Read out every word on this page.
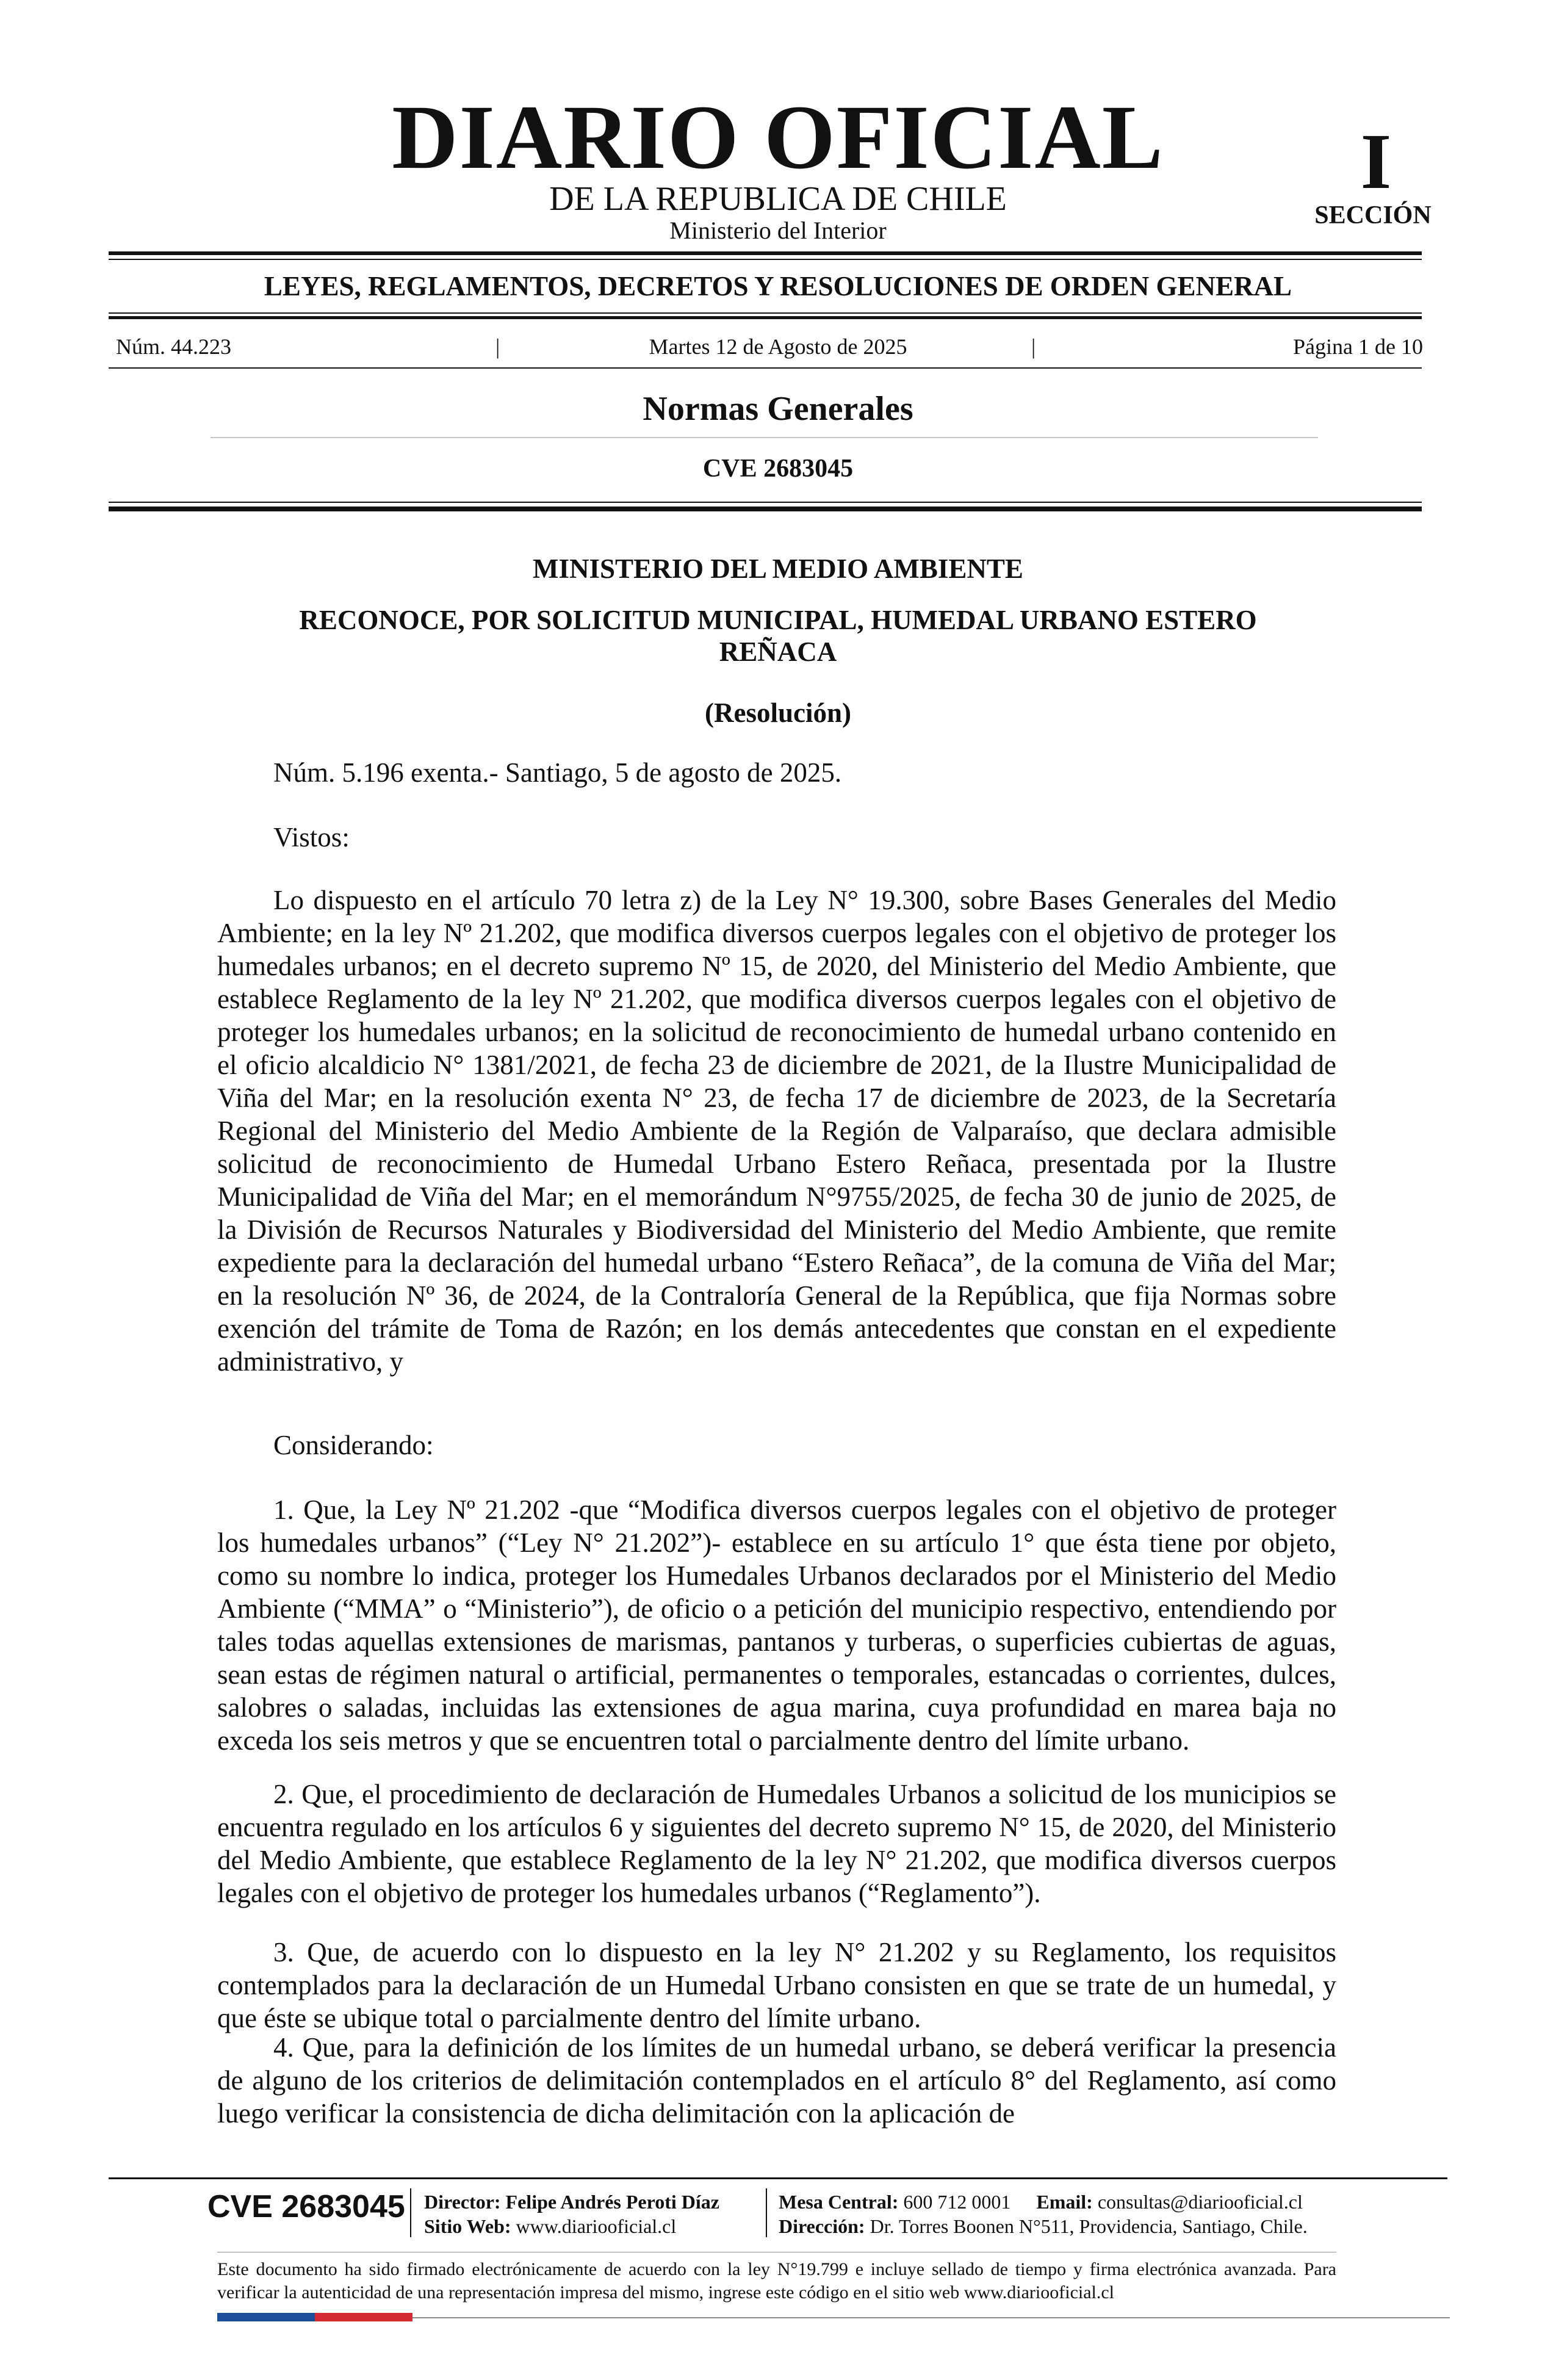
DIARIO OFICIAL
DE LA REPUBLICA DE CHILE
Ministerio del Interior
I
SECCIÓN
LEYES, REGLAMENTOS, DECRETOS Y RESOLUCIONES DE ORDEN GENERAL
Núm. 44.223	|	Martes 12 de Agosto de 2025	|	Página 1 de 10
Normas Generales
CVE 2683045
MINISTERIO DEL MEDIO AMBIENTE
RECONOCE, POR SOLICITUD MUNICIPAL, HUMEDAL URBANO ESTERO REÑACA
(Resolución)
Núm. 5.196 exenta.- Santiago, 5 de agosto de 2025.
Vistos:

Lo dispuesto en el artículo 70 letra z) de la Ley N° 19.300, sobre Bases Generales del Medio Ambiente; en la ley Nº 21.202, que modifica diversos cuerpos legales con el objetivo de proteger los humedales urbanos; en el decreto supremo Nº 15, de 2020, del Ministerio del Medio Ambiente, que establece Reglamento de la ley Nº 21.202, que modifica diversos cuerpos legales con el objetivo de proteger los humedales urbanos; en la solicitud de reconocimiento de humedal urbano contenido en el oficio alcaldicio N° 1381/2021, de fecha 23 de diciembre de 2021, de la Ilustre Municipalidad de Viña del Mar; en la resolución exenta N° 23, de fecha 17 de diciembre de 2023, de la Secretaría Regional del Ministerio del Medio Ambiente de la Región de Valparaíso, que declara admisible solicitud de reconocimiento de Humedal Urbano Estero Reñaca, presentada por la Ilustre Municipalidad de Viña del Mar; en el memorándum N°9755/2025, de fecha 30 de junio de 2025, de la División de Recursos Naturales y Biodiversidad del Ministerio del Medio Ambiente, que remite expediente para la declaración del humedal urbano “Estero Reñaca”, de la comuna de Viña del Mar; en la resolución Nº 36, de 2024, de la Contraloría General de la República, que fija Normas sobre exención del trámite de Toma de Razón; en los demás antecedentes que constan en el expediente administrativo, y

Considerando:

1. Que, la Ley Nº 21.202 -que “Modifica diversos cuerpos legales con el objetivo de proteger los humedales urbanos” (“Ley N° 21.202”)- establece en su artículo 1° que ésta tiene por objeto, como su nombre lo indica, proteger los Humedales Urbanos declarados por el Ministerio del Medio Ambiente (“MMA” o “Ministerio”), de oficio o a petición del municipio respectivo, entendiendo por tales todas aquellas extensiones de marismas, pantanos y turberas, o superficies cubiertas de aguas, sean estas de régimen natural o artificial, permanentes o temporales, estancadas o corrientes, dulces, salobres o saladas, incluidas las extensiones de agua marina, cuya profundidad en marea baja no exceda los seis metros y que se encuentren total o parcialmente dentro del límite urbano.

2. Que, el procedimiento de declaración de Humedales Urbanos a solicitud de los municipios se encuentra regulado en los artículos 6 y siguientes del decreto supremo N° 15, de 2020, del Ministerio del Medio Ambiente, que establece Reglamento de la ley N° 21.202, que modifica diversos cuerpos legales con el objetivo de proteger los humedales urbanos (“Reglamento”).

3. Que, de acuerdo con lo dispuesto en la ley N° 21.202 y su Reglamento, los requisitos contemplados para la declaración de un Humedal Urbano consisten en que se trate de un humedal, y que éste se ubique total o parcialmente dentro del límite urbano.

4. Que, para la definición de los límites de un humedal urbano, se deberá verificar la presencia de alguno de los criterios de delimitación contemplados en el artículo 8° del Reglamento, así como luego verificar la consistencia de dicha delimitación con la aplicación de

CVE 2683045 Director: Felipe Andrés Peroti Díaz
Sitio Web: www.diariooficial.cl
Mesa Central: 600 712 0001 Email: consultas@diariooficial.cl
Dirección: Dr. Torres Boonen N°511, Providencia, Santiago, Chile.
Este documento ha sido firmado electrónicamente de acuerdo con la ley N°19.799 e incluye sellado de tiempo y firma electrónica avanzada. Para verificar la autenticidad de una representación impresa del mismo, ingrese este código en el sitio web www.diariooficial.cl
